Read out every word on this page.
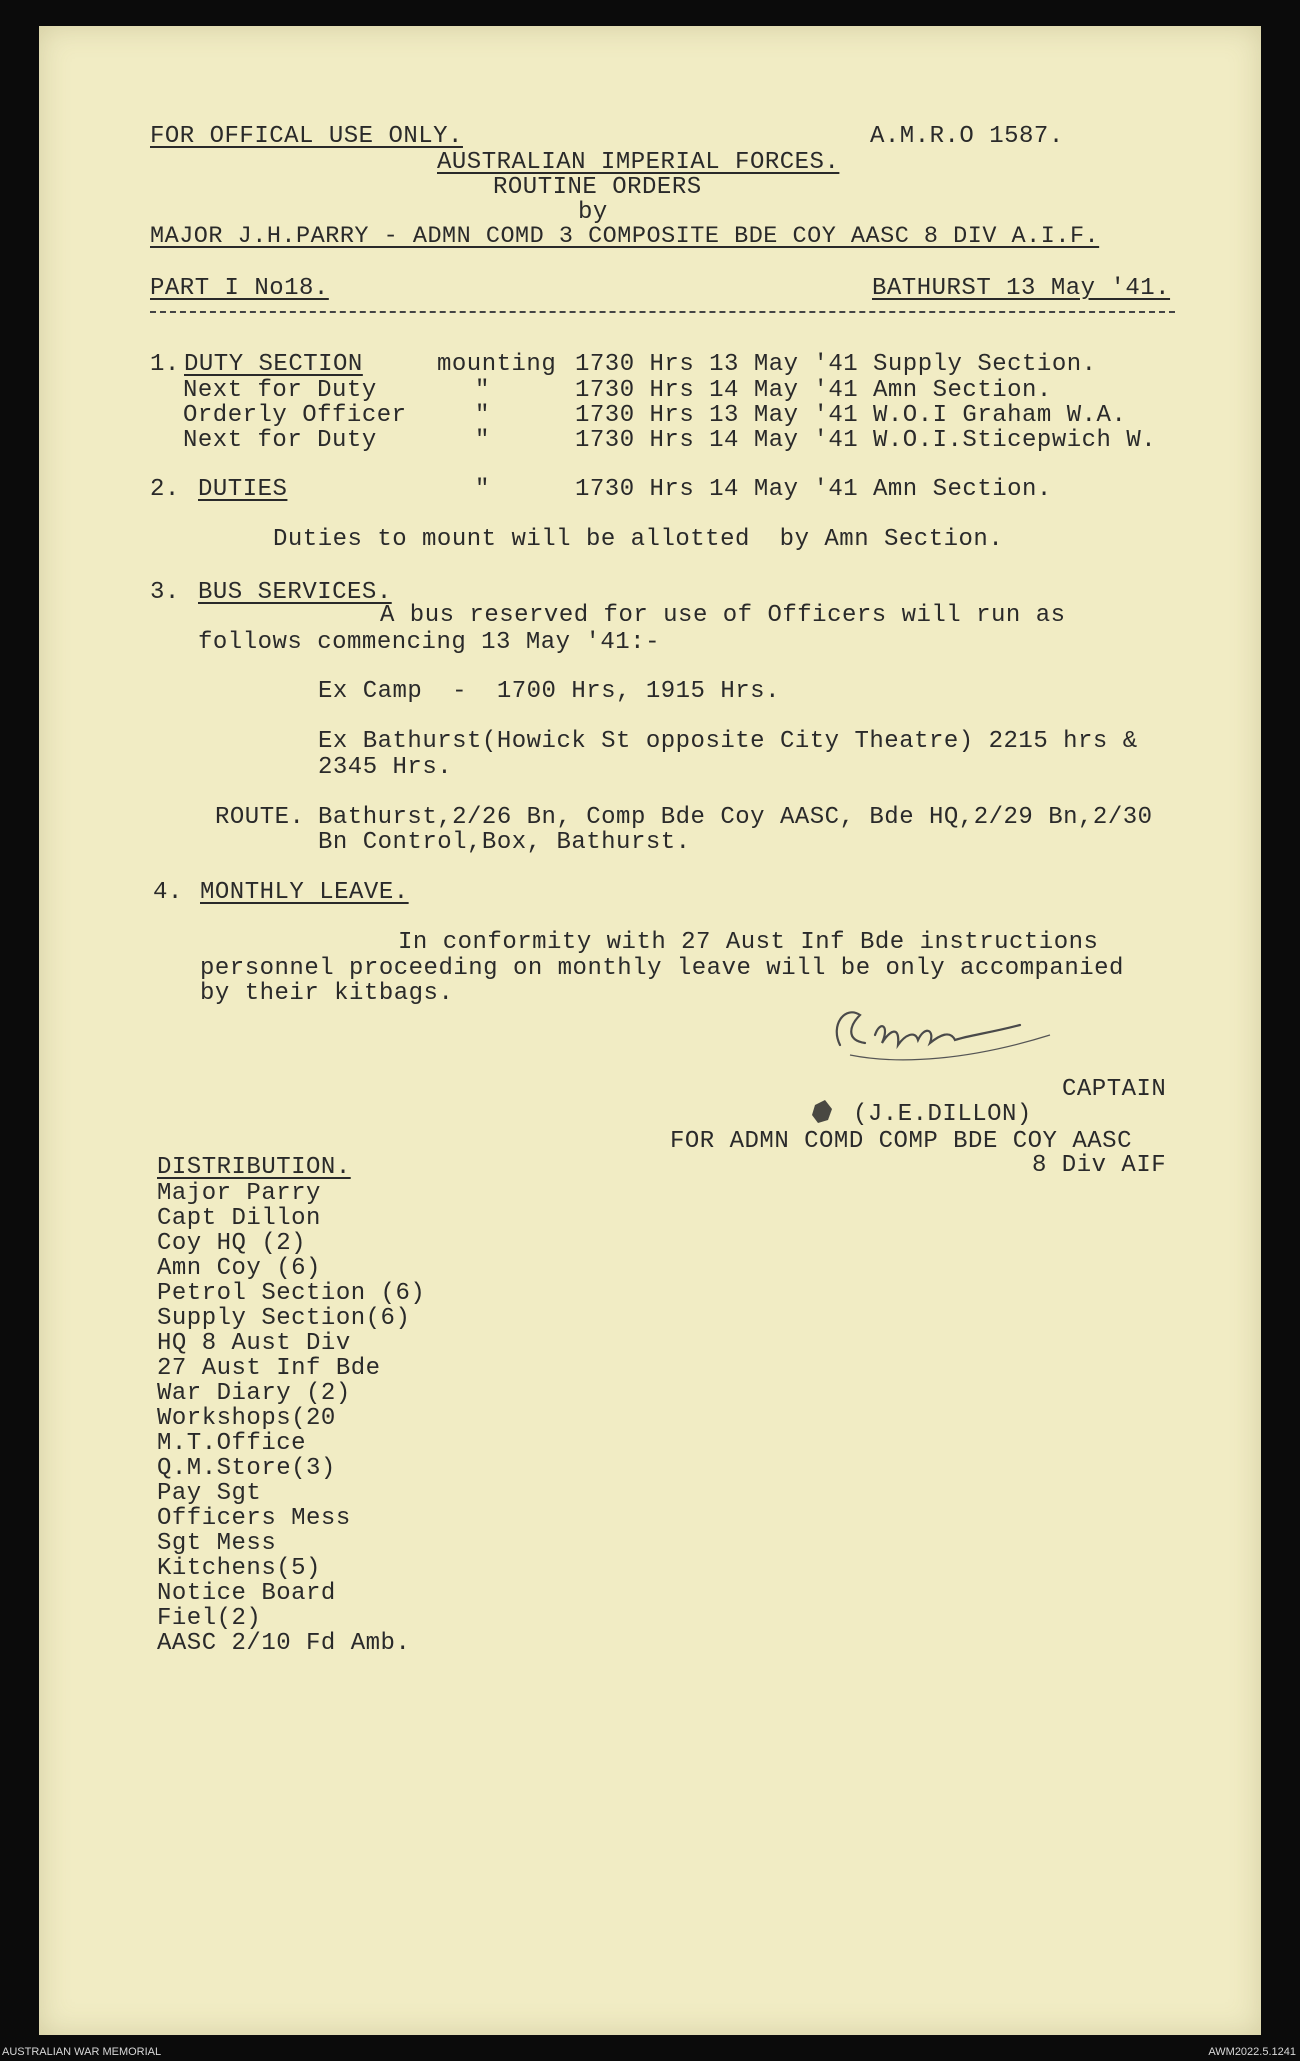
FOR OFFICAL USE ONLY.	A.M.R.O 1587.
AUSTRALIAN IMPERIAL FORCES.
ROUTINE ORDERS
by
MAJOR J.H.PARRY - ADMN COMD 3 COMPOSITE BDE COY AASC 8 DIV A.I.F.
PART I No18.	BATHURST 13 May '41.
1. DUTY SECTION	mounting 1730 Hrs 13 May '41 Supply Section.
Next for Duty	"	1730 Hrs 14 May '41 Amn Section.
Orderly Officer	"	1730 Hrs 13 May '41 W.O.I Graham W.A.
Next for Duty	"	1730 Hrs 14 May '41 W.O.I.Sticepwich W.
2. DUTIES	"	1730 Hrs 14 May '41 Amn Section.
Duties to mount will be allotted  by Amn Section.
3. BUS SERVICES.
A bus reserved for use of Officers will run as
follows commencing 13 May '41:-
Ex Camp  -  1700 Hrs, 1915 Hrs.
Ex Bathurst(Howick St opposite City Theatre) 2215 hrs &
2345 Hrs.
ROUTE. Bathurst,2/26 Bn, Comp Bde Coy AASC, Bde HQ,2/29 Bn,2/30
Bn Control,Box, Bathurst.
4. MONTHLY LEAVE.
In conformity with 27 Aust Inf Bde instructions
personnel proceeding on monthly leave will be only accompanied
by their kitbags.
CAPTAIN
(J.E.DILLON)
FOR ADMN COMD COMP BDE COY AASC
8 Div AIF
DISTRIBUTION.
Major Parry
Capt Dillon
Coy HQ (2)
Amn Coy (6)
Petrol Section (6)
Supply Section(6)
HQ 8 Aust Div
27 Aust Inf Bde
War Diary (2)
Workshops(20
M.T.Office
Q.M.Store(3)
Pay Sgt
Officers Mess
Sgt Mess
Kitchens(5)
Notice Board
Fiel(2)
AASC 2/10 Fd Amb.
AUSTRALIAN WAR MEMORIAL	AWM2022.5.1241
